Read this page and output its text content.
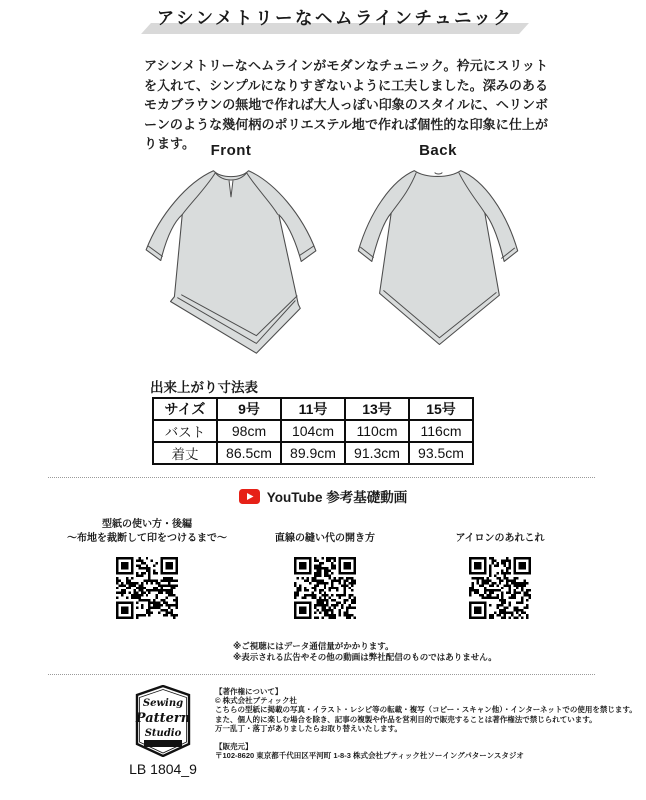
アシンメトリーなヘムラインチュニック

アシンメトリーなヘムラインがモダンなチュニック。衿元にスリットを入れて、シンプルになりすぎないように工夫しました。深みのあるモカブラウンの無地で作れば大人っぽい印象のスタイルに、ヘリンボーンのような幾何柄のポリエステル地で作れば個性的な印象に仕上がります。	Front	Back
出来上がり寸法表
サイズ	9号	11号	13号	15号
バスト	98cm	104cm	110cm	116cm
着丈	86.5cm	89.9cm	91.3cm	93.5cm
YouTube 参考基礎動画
型紙の使い方・後編
〜布地を裁断して印をつけるまで〜	直線の縫い代の開き方	アイロンのあれこれ
※ご視聴にはデータ通信量がかかります。
※表示される広告やその他の動画は弊社配信のものではありません。
Sewing
Pattern
Studio
LB 1804_9
【著作権について】
© 株式会社ブティック社
こちらの型紙に掲載の写真・イラスト・レシピ等の転載・複写（コピー・スキャン他）・インターネットでの使用を禁じます。
また、個人的に楽しむ場合を除き、記事の複製や作品を営利目的で販売することは著作権法で禁じられています。
万一乱丁・落丁がありましたらお取り替えいたします。
【販売元】
〒102-8620 東京都千代田区平河町 1-8-3 株式会社ブティック社ソーイングパターンスタジオ
